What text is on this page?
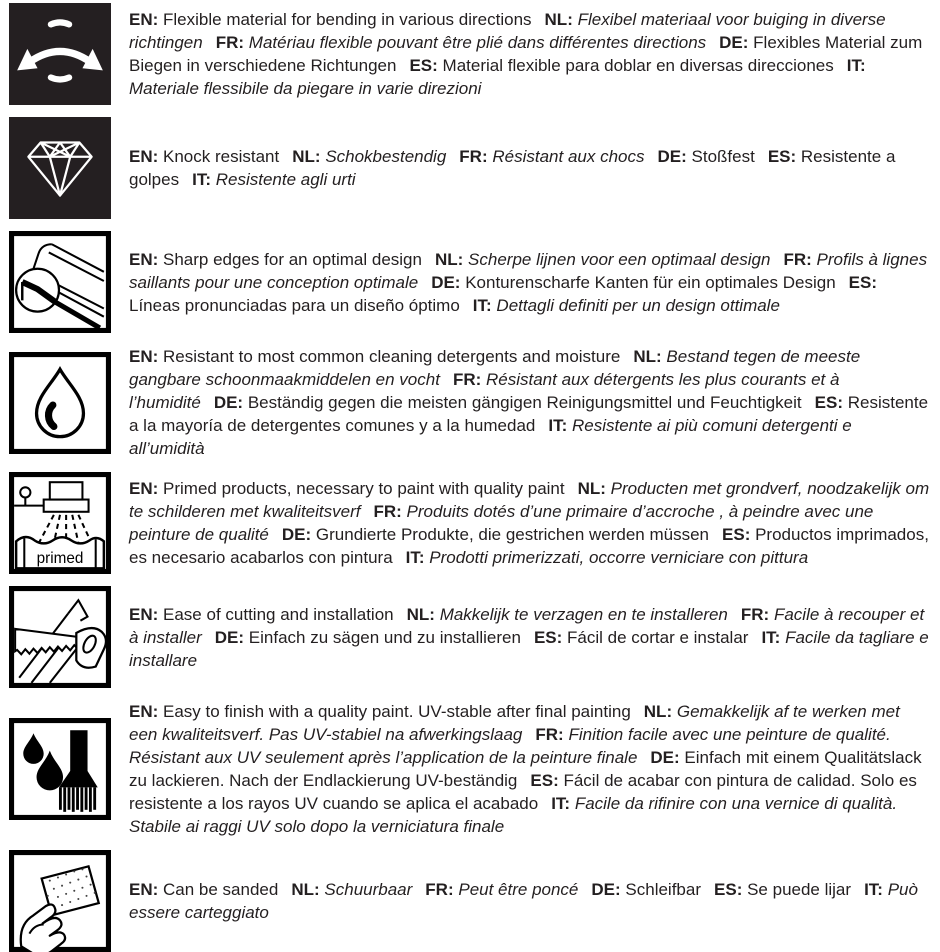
EN: Flexible material for bending in various directions NL: Flexibel materiaal voor buiging in diverse richtingen FR: Matériau flexible pouvant être plié dans différentes directions DE: Flexibles Material zum Biegen in verschiedene Richtungen ES: Material flexible para doblar en diversas direcciones IT: Materiale flessibile da piegare in varie direzioni

EN: Knock resistant NL: Schokbestendig FR: Résistant aux chocs DE: Stoßfest ES: Resistente a golpes IT: Resistente agli urti

EN: Sharp edges for an optimal design NL: Scherpe lijnen voor een optimaal design FR: Profils à lignes saillants pour une conception optimale DE: Konturenscharfe Kanten für ein optimales Design ES: Líneas pronunciadas para un diseño óptimo IT: Dettagli definiti per un design ottimale

EN: Resistant to most common cleaning detergents and moisture NL: Bestand tegen de meeste gangbare schoonmaakmiddelen en vocht FR: Résistant aux détergents les plus courants et à l’humidité DE: Beständig gegen die meisten gängigen Reinigungsmittel und Feuchtigkeit ES: Resistente a la mayoría de detergentes comunes y a la humedad IT: Resistente ai più comuni detergenti e all’umidità

primed

EN: Primed products, necessary to paint with quality paint NL: Producten met grondverf, noodzakelijk om te schilderen met kwaliteitsverf FR: Produits dotés d’une primaire d’accroche , à peindre avec une peinture de qualité DE: Grundierte Produkte, die gestrichen werden müssen ES: Productos imprimados, es necesario acabarlos con pintura IT: Prodotti primerizzati, occorre verniciare con pittura

EN: Ease of cutting and installation NL: Makkelijk te verzagen en te installeren FR: Facile à recouper et à installer DE: Einfach zu sägen und zu installieren ES: Fácil de cortar e instalar IT: Facile da tagliare e installare

EN: Easy to finish with a quality paint. UV-stable after final painting NL: Gemakkelijk af te werken met een kwaliteitsverf. Pas UV-stabiel na afwerkingslaag FR: Finition facile avec une peinture de qualité. Résistant aux UV seulement après l’application de la peinture finale DE: Einfach mit einem Qualitätslack zu lackieren. Nach der Endlackierung UV-beständig ES: Fácil de acabar con pintura de calidad. Solo es resistente a los rayos UV cuando se aplica el acabado IT: Facile da rifinire con una vernice di qualità. Stabile ai raggi UV solo dopo la verniciatura finale

EN: Can be sanded NL: Schuurbaar FR: Peut être poncé DE: Schleifbar ES: Se puede lijar IT: Può essere carteggiato
